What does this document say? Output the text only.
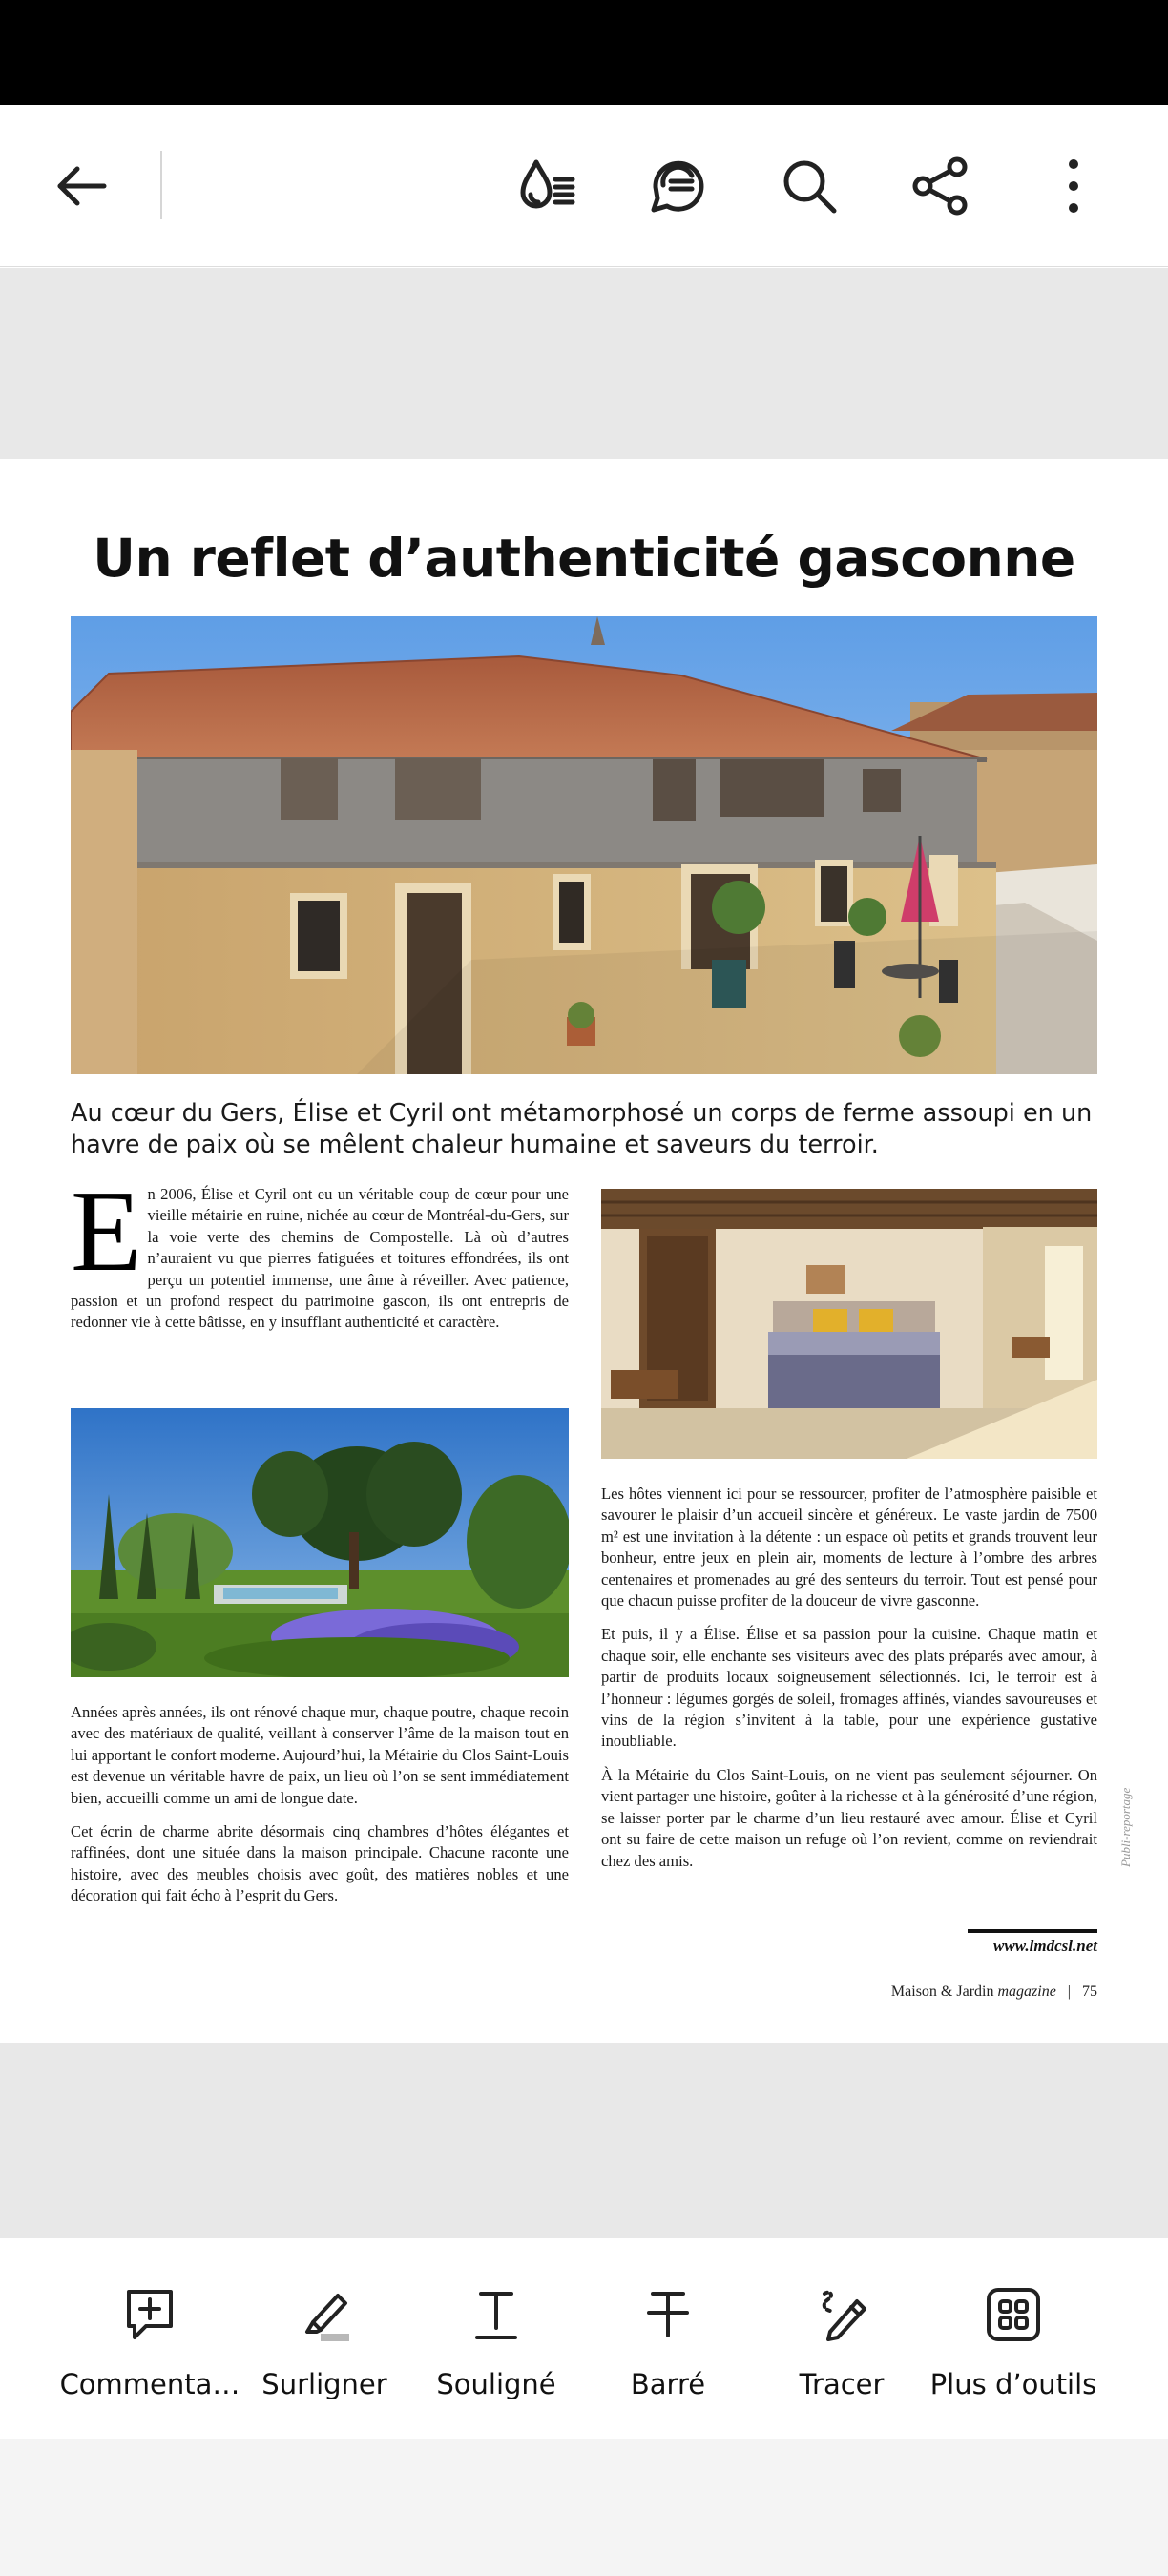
Un reflet d’authenticité gasconne

Au cœur du Gers, Élise et Cyril ont métamorphosé un corps de ferme assoupi en un havre de paix où se mêlent chaleur humaine et saveurs du terroir.

En 2006, Élise et Cyril ont eu un véritable coup de cœur pour une vieille métairie en ruine, nichée au cœur de Montréal-du-Gers, sur la voie verte des chemins de Compostelle. Là où d’autres n’auraient vu que pierres fatiguées et toitures effondrées, ils ont perçu un potentiel immense, une âme à réveiller. Avec patience, passion et un profond respect du patrimoine gascon, ils ont entrepris de redonner vie à cette bâtisse, en y insufflant authenticité et caractère.

Années après années, ils ont rénové chaque mur, chaque poutre, chaque recoin avec des matériaux de qualité, veillant à conserver l’âme de la maison tout en lui apportant le confort moderne. Aujourd’hui, la Métairie du Clos Saint-Louis est devenue un véritable havre de paix, un lieu où l’on se sent immédiatement bien, accueilli comme un ami de longue date.

Cet écrin de charme abrite désormais cinq chambres d’hôtes élégantes et raffinées, dont une située dans la maison principale. Chacune raconte une histoire, avec des meubles choisis avec goût, des matières nobles et une décoration qui fait écho à l’esprit du Gers.

Les hôtes viennent ici pour se ressourcer, profiter de l’atmosphère paisible et savourer le plaisir d’un accueil sincère et généreux. Le vaste jardin de 7500 m² est une invitation à la détente : un espace où petits et grands trouvent leur bonheur, entre jeux en plein air, moments de lecture à l’ombre des arbres centenaires et promenades au gré des senteurs du terroir. Tout est pensé pour que chacun puisse profiter de la douceur de vivre gasconne.

Et puis, il y a Élise. Élise et sa passion pour la cuisine. Chaque matin et chaque soir, elle enchante ses visiteurs avec des plats préparés avec amour, à partir de produits locaux soigneusement sélectionnés. Ici, le terroir est à l’honneur : légumes gorgés de soleil, fromages affinés, viandes savoureuses et vins de la région s’invitent à la table, pour une expérience gustative inoubliable.

À la Métairie du Clos Saint-Louis, on ne vient pas seulement séjourner. On vient partager une histoire, goûter à la richesse et à la générosité d’une région, se laisser porter par le charme d’un lieu restauré avec amour. Élise et Cyril ont su faire de cette maison un refuge où l’on revient, comme on reviendrait chez des amis.

www.lmdcsl.net
Maison & Jardin magazine | 75
Publi-reportage
Commenta… Surligner Souligné	Barré	Tracer Plus d’outils
